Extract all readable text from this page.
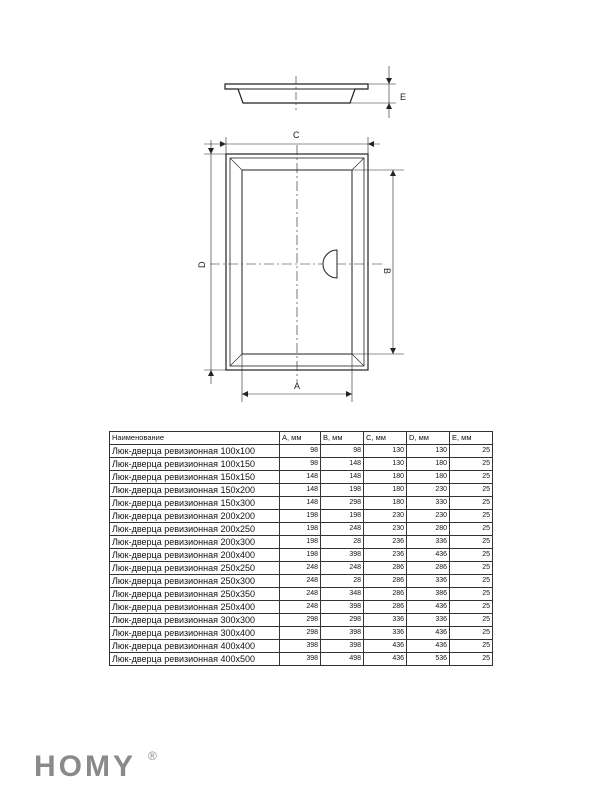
E
C
D
B
A
Наименование	А, мм	В, мм	С, мм	D, мм	Е, мм
Люк-дверца ревизионная 100х100	98	98	130	130	25
Люк-дверца ревизионная 100х150	98	148	130	180	25
Люк-дверца ревизионная 150х150	148	148	180	180	25
Люк-дверца ревизионная 150х200	148	198	180	230	25
Люк-дверца ревизионная 150х300	148	298	180	330	25
Люк-дверца ревизионная 200х200	198	198	230	230	25
Люк-дверца ревизионная 200х250	198	248	230	280	25
Люк-дверца ревизионная 200х300	198	28	236	336	25
Люк-дверца ревизионная 200х400	198	398	236	436	25
Люк-дверца ревизионная 250х250	248	248	286	286	25
Люк-дверца ревизионная 250х300	248	28	286	336	25
Люк-дверца ревизионная 250х350	248	348	286	386	25
Люк-дверца ревизионная 250х400	248	398	286	436	25
Люк-дверца ревизионная 300х300	298	298	336	336	25
Люк-дверца ревизионная 300х400	298	398	336	436	25
Люк-дверца ревизионная 400х400	398	398	436	436	25
Люк-дверца ревизионная 400х500	398	498	436	536	25
HOMY ®
